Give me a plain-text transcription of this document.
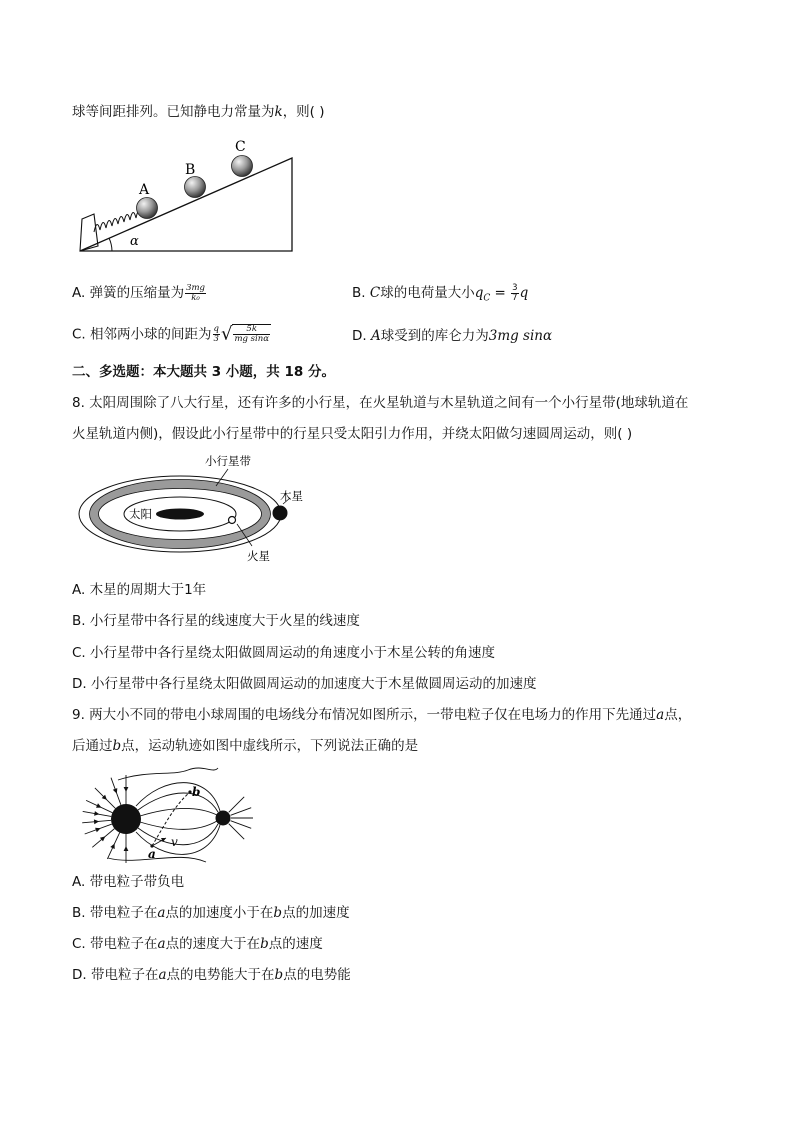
球等间距排列。已知静电力常量为k，则( )
A
B
C
α
A. 弹簧的压缩量为 $\frac{3mg}{\text{k₀}}$	B. C球的电荷量大小$q_C = \frac{3}{7}$ q
C. 相邻两小球的间距为 $\frac{q}{3}$ √ $\frac{5k}{\text{mg sinα}}$	D. A球受到的库仑力为3mg sinα
二、多选题：本大题共 3 小题，共 18 分。
8. 太阳周围除了八大行星，还有许多的小行星，在火星轨道与木星轨道之间有一个小行星带(地球轨道在
火星轨道内侧)，假设此小行星带中的行星只受太阳引力作用，并绕太阳做匀速圆周运动，则( )
小行星带
木星
太阳
火星
A. 木星的周期大于1年
B. 小行星带中各行星的线速度大于火星的线速度
C. 小行星带中各行星绕太阳做圆周运动的角速度小于木星公转的角速度
D. 小行星带中各行星绕太阳做圆周运动的加速度大于木星做圆周运动的加速度
9. 两大小不同的带电小球周围的电场线分布情况如图所示，一带电粒子仅在电场力的作用下先通过a点，
后通过b点，运动轨迹如图中虚线所示，下列说法正确的是
a
b
v
A. 带电粒子带负电
B. 带电粒子在a点的加速度小于在b点的加速度
C. 带电粒子在a点的速度大于在b点的速度
D. 带电粒子在a点的电势能大于在b点的电势能
